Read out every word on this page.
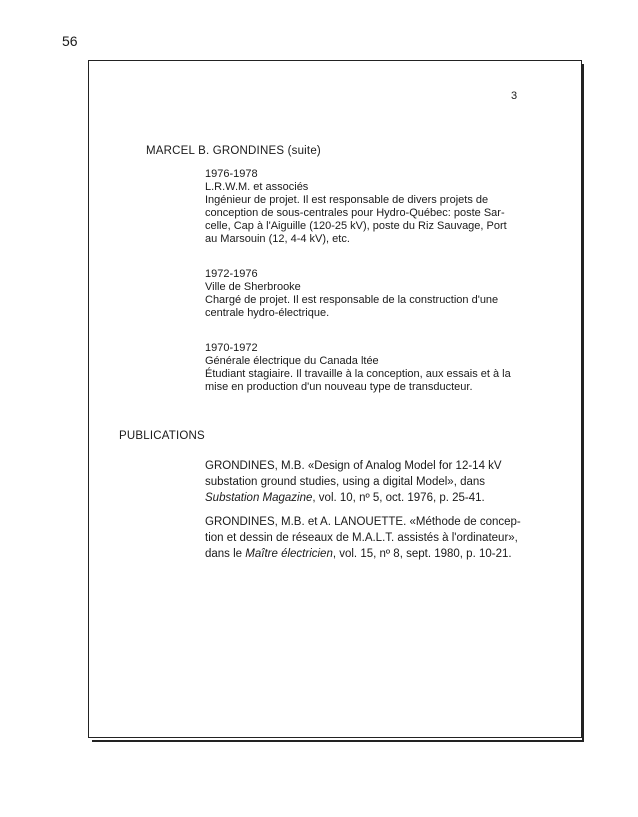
56
3
MARCEL B. GRONDINES (suite)

1976-1978

L.R.W.M. et associés

Ingénieur de projet. Il est responsable de divers projets de

conception de sous-centrales pour Hydro-Québec: poste Sar-

celle, Cap à l'Aiguille (120-25 kV), poste du Riz Sauvage, Port

au Marsouin (12, 4-4 kV), etc.

1972-1976

Ville de Sherbrooke

Chargé de projet. Il est responsable de la construction d'une

centrale hydro-électrique.

1970-1972

Générale électrique du Canada ltée

Étudiant stagiaire. Il travaille à la conception, aux essais et à la

mise en production d'un nouveau type de transducteur.

PUBLICATIONS
GRONDINES, M.B. «Design of Analog Model for 12-14 kV
substation ground studies, using a digital Model», dans
Substation Magazine, vol. 10, nº 5, oct. 1976, p. 25-41.
GRONDINES, M.B. et A. LANOUETTE. «Méthode de concep-
tion et dessin de réseaux de M.A.L.T. assistés à l'ordinateur»,
dans le Maître électricien, vol. 15, nº 8, sept. 1980, p. 10-21.
